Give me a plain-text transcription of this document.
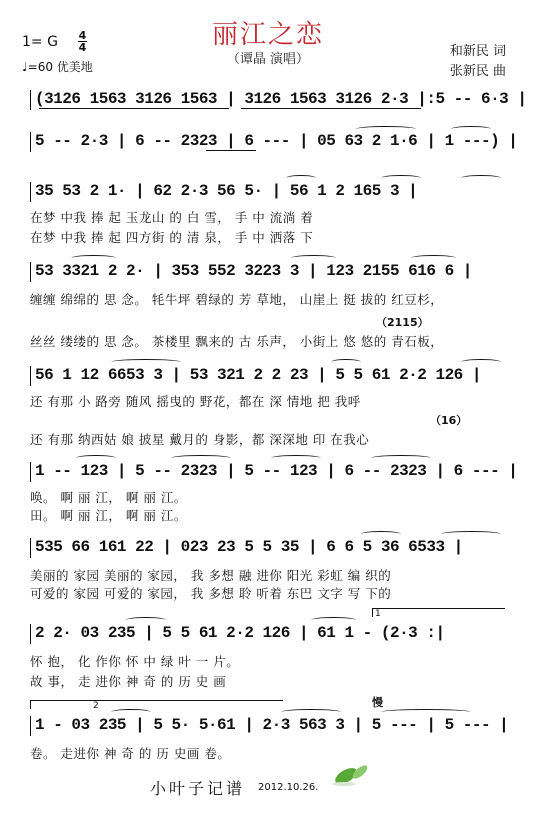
丽江之恋
（谭晶 演唱）
1= G 4
4
♩=60 优美地
和新民 词
张新民 曲
(3126 1563 3126 1563 | 3126 1563 3126 2·3 |:5 -- 6·3 |
5 -- 2·3 | 6 -- 2323 | 6 --- | 05 63 2 1·6 | 1 ---) |
35 53 2 1· | 62 2·3 56 5· | 56 1 2 165 3 |
在梦 中我 捧 起 玉龙山 的 白 雪， 手 中 流淌 着
在梦 中我 捧 起 四方街 的 清 泉， 手 中 洒落 下
53 3321 2 2· | 353 552 3223 3 | 123 2155 616 6 |
缠缠 绵绵的 思 念。 牦牛坪 碧绿的 芳 草地， 山崖上 挺 拔的 红豆杉，
（2115）
丝丝 缕缕的 思 念。 茶楼里 飘来的 古 乐声， 小街上 悠 悠的 青石板，
56 1 12 6653 3 | 53 321 2 2 23 | 5 5 61 2·2 126 |
还 有那 小 路旁 随风 摇曳的 野花，都在 深 情地 把 我呼
（16）
还 有那 纳西姑 娘 披星 戴月的 身影，都 深深地 印 在我心
1 -- 123 | 5 -- 2323 | 5 -- 123 | 6 -- 2323 | 6 --- |
唤。 啊 丽 江， 啊 丽 江。
田。 啊 丽 江， 啊 丽 江。
535 66 161 22 | 023 23 5 5 35 | 6 6 5 36 6533 |
美丽的 家园 美丽的 家园， 我 多想 融 进你 阳光 彩虹 编 织的
可爱的 家园 可爱的 家园， 我 多想 聆 听着 东巴 文字 写 下的
1
2 2· 03 235 | 5 5 61 2·2 126 | 61 1 - (2·3 :|
怀 抱， 化 作你 怀 中 绿 叶 一 片。
故 事， 走 进你 神 奇 的 历 史 画
2	慢
1 - 03 235 | 5 5· 5·61 | 2·3 563 3 | 5 --- | 5 --- |
卷。 走进你 神 奇 的 历 史画 卷。
小叶子记谱 2012.10.26.
